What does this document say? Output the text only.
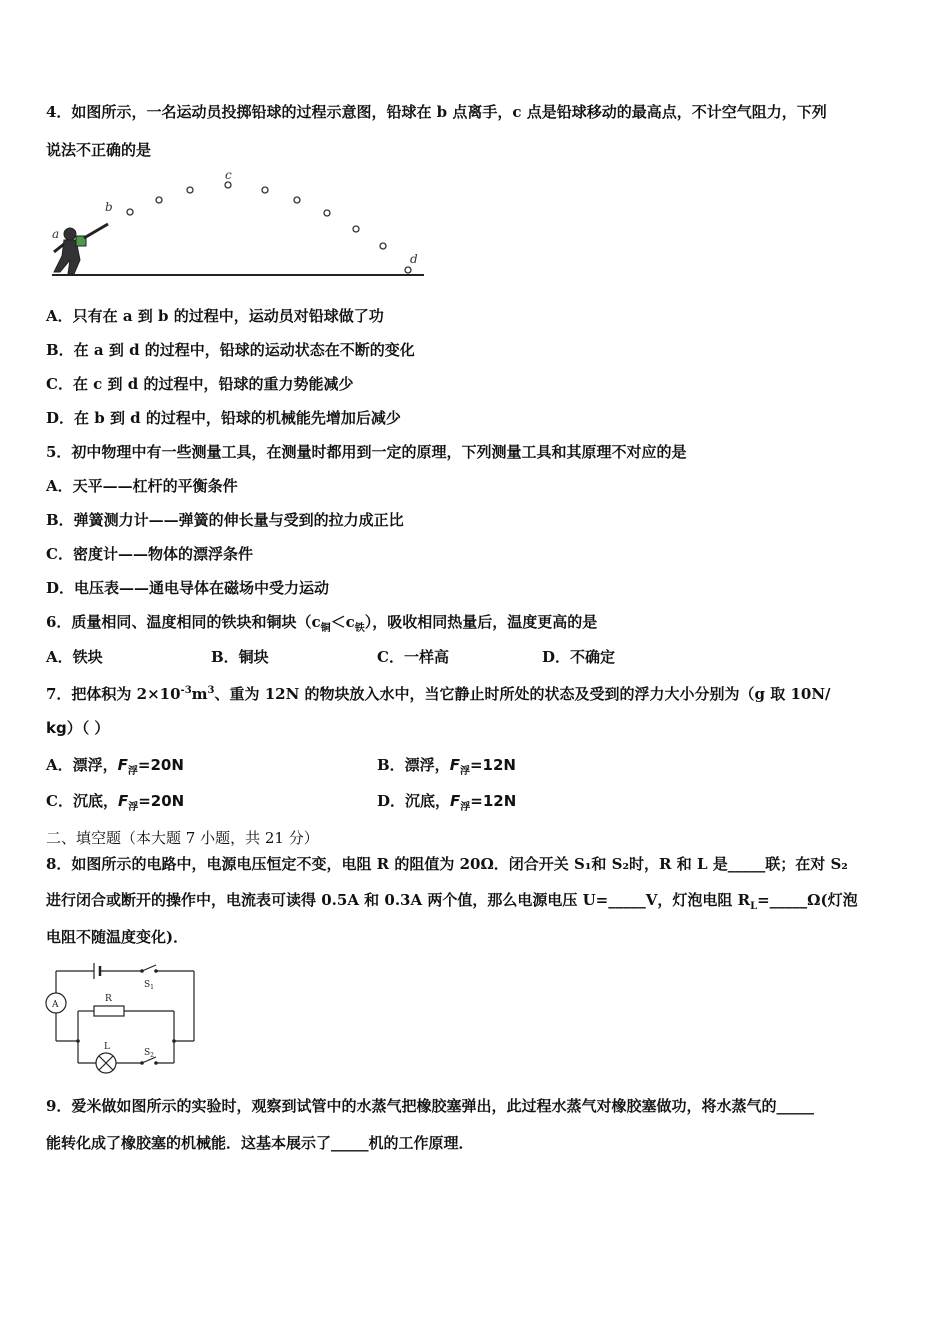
4．如图所示，一名运动员投掷铅球的过程示意图，铅球在 b 点离手，c 点是铅球移动的最高点，不计空气阻力，下列
说法不正确的是
a
b
c
d
A．只有在 a 到 b 的过程中，运动员对铅球做了功
B．在 a 到 d 的过程中，铅球的运动状态在不断的变化
C．在 c 到 d 的过程中，铅球的重力势能减少
D．在 b 到 d 的过程中，铅球的机械能先增加后减少
5．初中物理中有一些测量工具，在测量时都用到一定的原理，下列测量工具和其原理不对应的是
A．天平——杠杆的平衡条件
B．弹簧测力计——弹簧的伸长量与受到的拉力成正比
C．密度计——物体的漂浮条件
D．电压表——通电导体在磁场中受力运动
6．质量相同、温度相同的铁块和铜块$(c_铜<c_铁)$，吸收相同热量后，温度更高的是
A．铁块	B．铜块	C．一样高	D．不确定
7．把体积为 $2\times 10^{-3}m^3$、重为 12N 的物块放入水中，当它静止时所处的状态及受到的浮力大小分别为（g 取 10N/
kg）（ ）
A．漂浮，$F_浮=20N$	B．漂浮，$F_浮=12N$
C．沉底，$F_浮=20N$	D．沉底，$F_浮=12N$
二、填空题（本大题 7 小题，共 21 分）
8．如图所示的电路中，电源电压恒定不变，电阻 R 的阻值为 20Ω．闭合开关 S₁和 S₂时，R 和 L 是_____联；在对 S₂
进行闭合或断开的操作中，电流表可读得 0.5A 和 0.3A 两个值，那么电源电压 U=_____V，灯泡电阻 $R_L=\_\_\_\_\_\Omega$(灯泡
电阻不随温度变化)．
A
R
L
$S_1$
$S_2$
9．爱米做如图所示的实验时，观察到试管中的水蒸气把橡胶塞弹出，此过程水蒸气对橡胶塞做功，将水蒸气的_____
能转化成了橡胶塞的机械能．这基本展示了_____机的工作原理．
